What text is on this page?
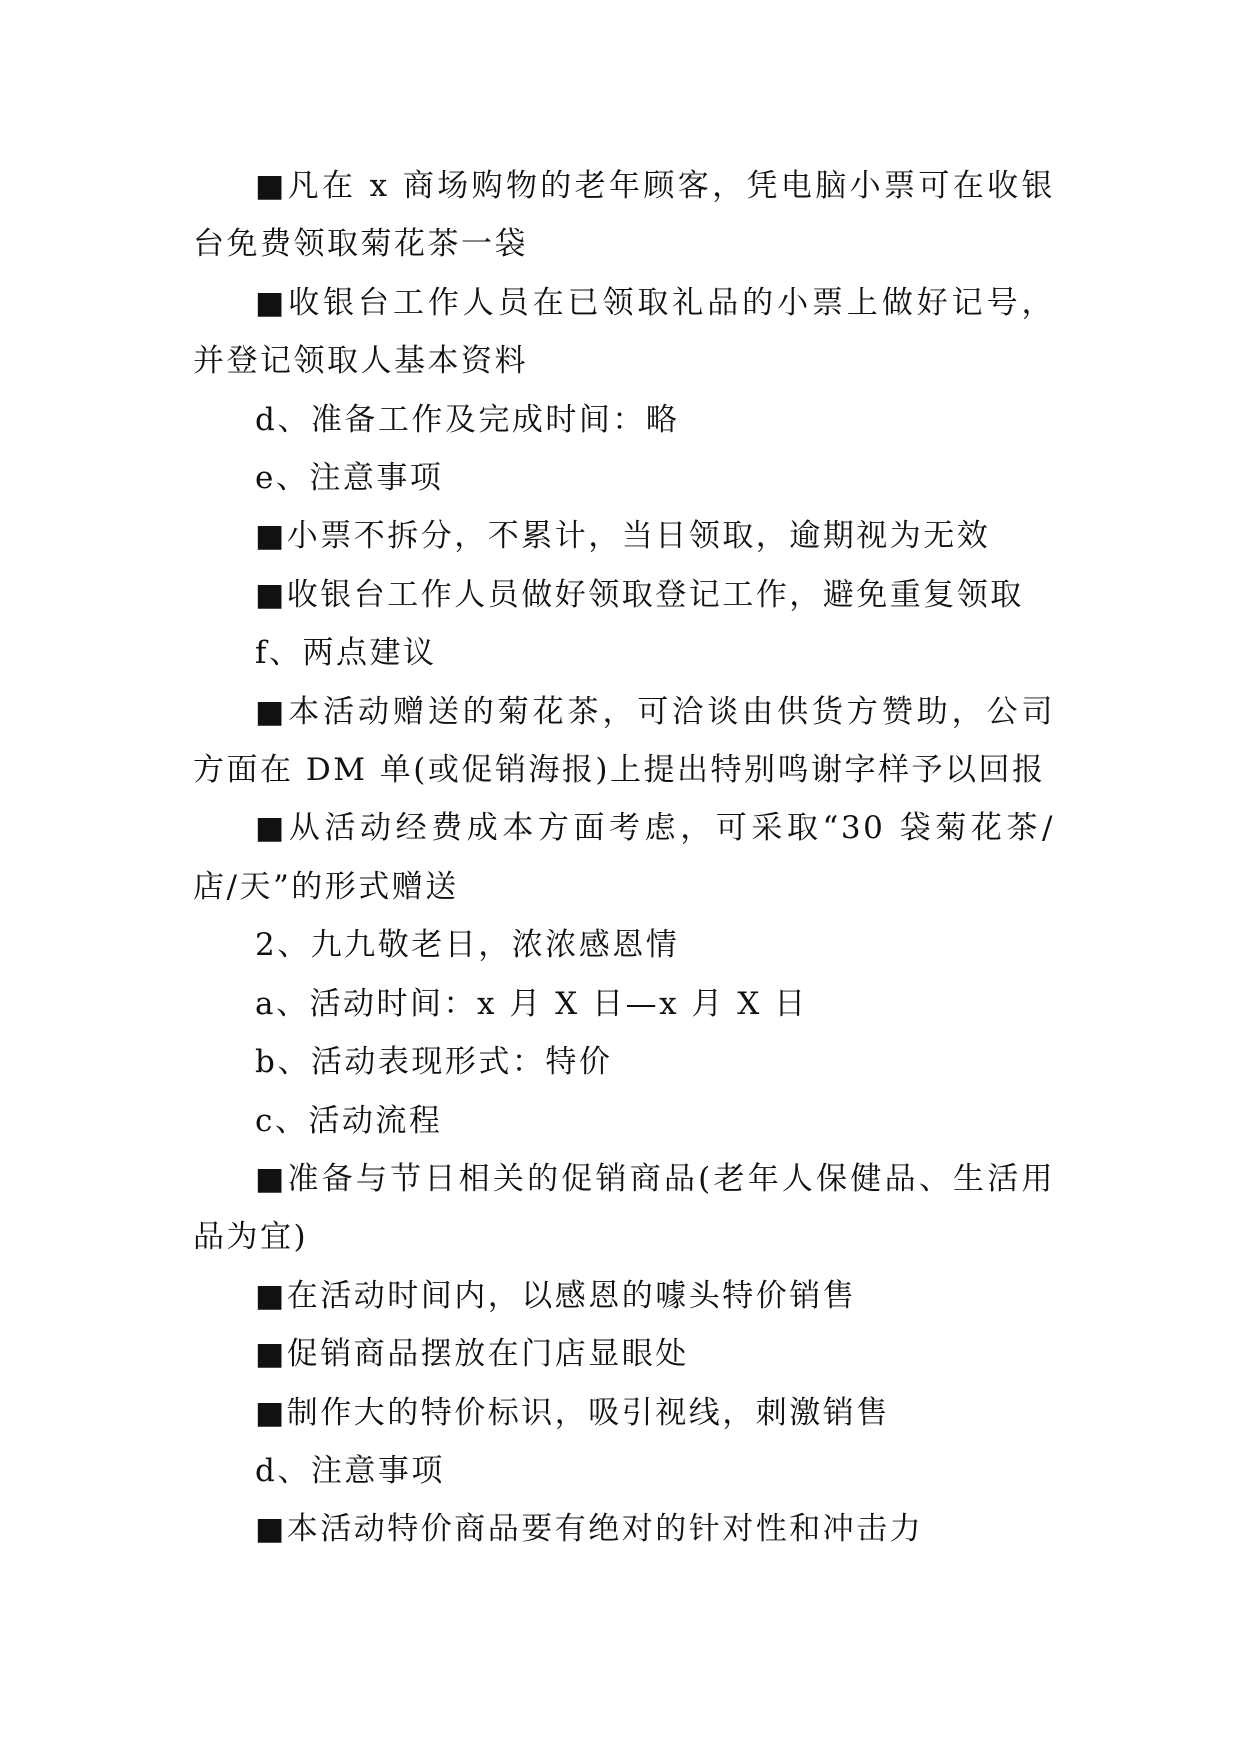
■凡在 x 商场购物的老年顾客，凭电脑小票可在收银台免费领取菊花茶一袋

■收银台工作人员在已领取礼品的小票上做好记号，并登记领取人基本资料

d、准备工作及完成时间：略

e、注意事项

■小票不拆分，不累计，当日领取，逾期视为无效

■收银台工作人员做好领取登记工作，避免重复领取

f、两点建议

■本活动赠送的菊花茶，可洽谈由供货方赞助，公司方面在 DM 单(或促销海报)上提出特别鸣谢字样予以回报

■从活动经费成本方面考虑，可采取“30 袋菊花茶/店/天”的形式赠送

2、九九敬老日，浓浓感恩情

a、活动时间：x 月 X 日—x 月 X 日

b、活动表现形式：特价

c、活动流程

■准备与节日相关的促销商品(老年人保健品、生活用品为宜)

■在活动时间内，以感恩的噱头特价销售

■促销商品摆放在门店显眼处

■制作大的特价标识，吸引视线，刺激销售

d、注意事项

■本活动特价商品要有绝对的针对性和冲击力
